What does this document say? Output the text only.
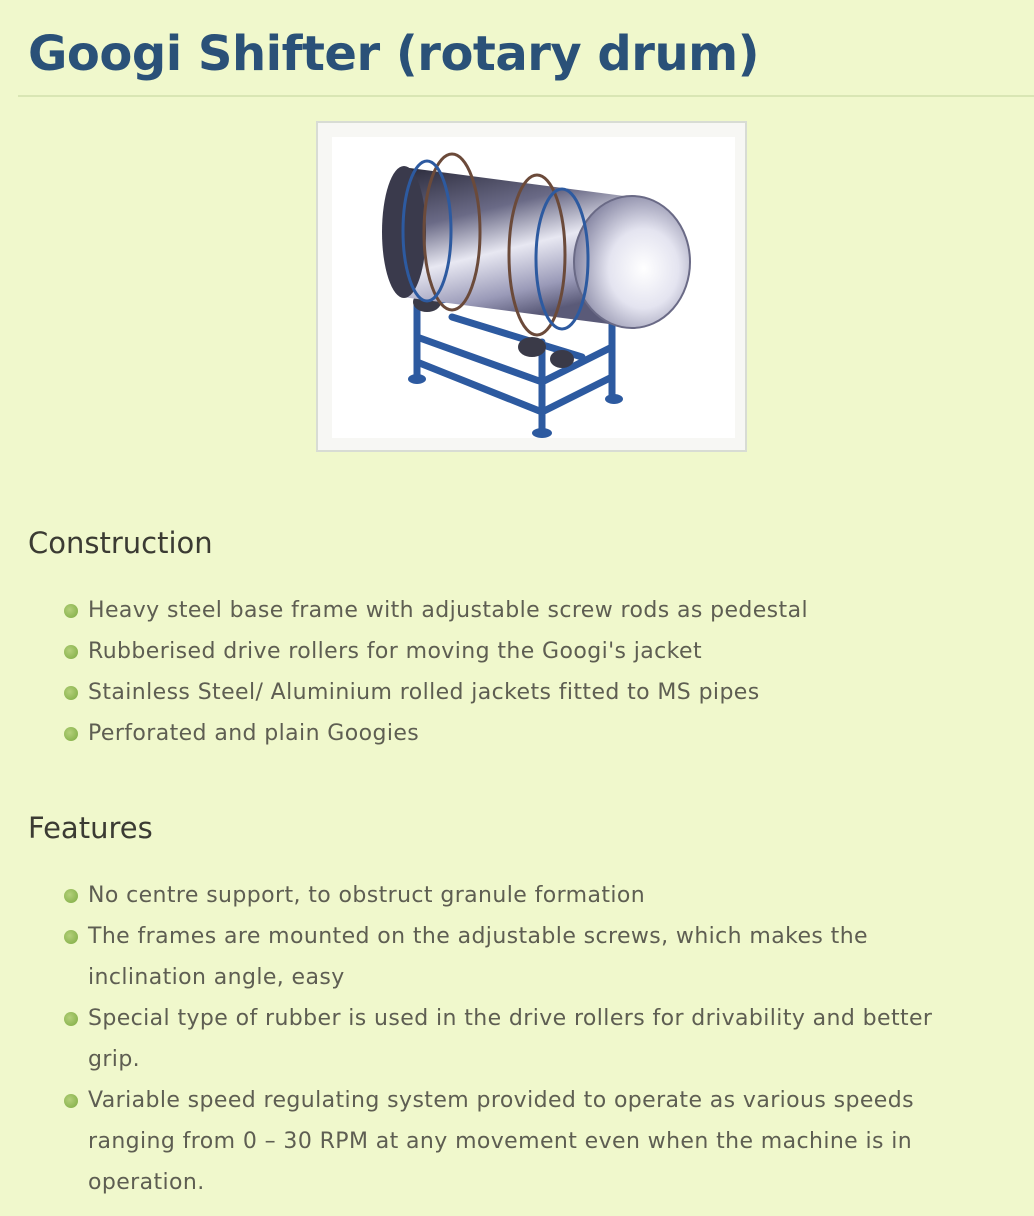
Googi Shifter (rotary drum)
Construction
Heavy steel base frame with adjustable screw rods as pedestal
Rubberised drive rollers for moving the Googi's jacket
Stainless Steel/ Aluminium rolled jackets fitted to MS pipes
Perforated and plain Googies
Features
No centre support, to obstruct granule formation
The frames are mounted on the adjustable screws, which makes the inclination angle, easy
Special type of rubber is used in the drive rollers for drivability and better grip.
Variable speed regulating system provided to operate as various speeds ranging from 0 – 30 RPM at any movement even when the machine is in operation.
